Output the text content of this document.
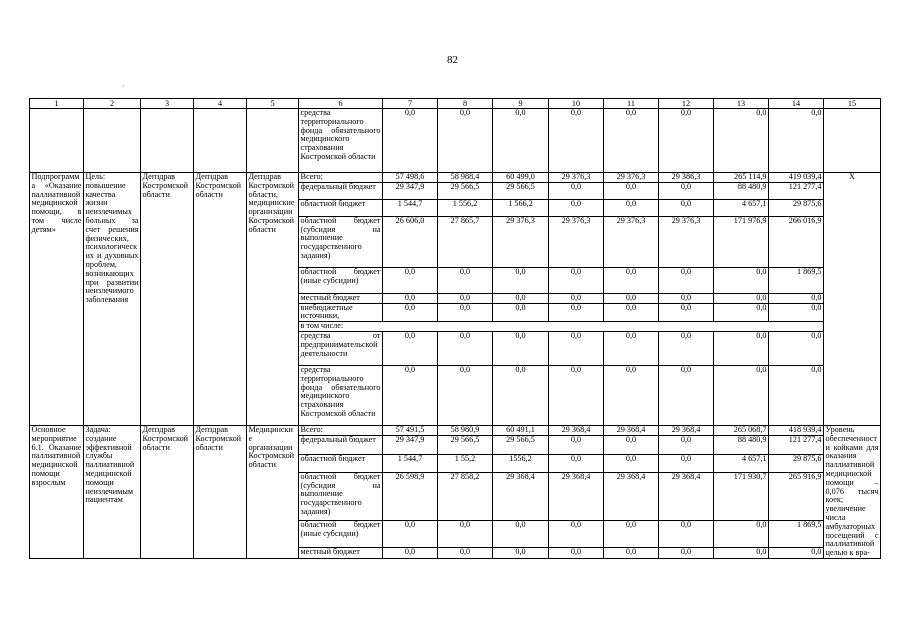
82
·
1	2	3	4	5	6	7	8	9	10	11	12	13	14	15
					средства территориального фонда обязательного медицинского страхования Костромской области	0,0	0,0	0,0	0,0	0,0	0,0	0,0	0,0	
Подпрограмма «Оказание паллиативной медицинской помощи, в том числе детям»	Цель: повышение качества жизни неизлечимых больных за счет решения физических, психологических и духовных проблем, возникающих при развитии неизлечимого заболевания	Депздрав Костромской области	Депздрав Костромской области	Депздрав Костромской области, медицинские организации Костромской области	Всего:	57 498,6	58 988,4	60 499,0	29 376,3	29 376,3	29 386,3	265 114,9	419 039,4	Х
					федеральный бюджет	29 347,9	29 566,5	29 566,5	0,0	0,0	0,0	88 480,9	121 277,4	
					областной бюджет	1 544,7	1 556,2	1 566,2	0,0	0,0	0,0	4 657,1	29 875,6	
					областной бюджет (субсидия на выполнение государственного задания)	26 606,0	27 865,7	29 376,3	29 376,3	29 376,3	29 376,3	171 976,9	266 016,9	
					областной бюджет (иные субсидии)	0,0	0,0	0,0	0,0	0,0	0,0	0,0	1 869,5	
					местный бюджет	0,0	0,0	0,0	0,0	0,0	0,0	0,0	0,0	
					внебюджетные источники,	0,0	0,0	0,0	0,0	0,0	0,0	0,0	0,0	
					в том числе:									
					средства от предпринимательской деятельности	0,0	0,0	0,0	0,0	0,0	0,0	0,0	0,0	
					средства территориального фонда обязательного медицинского страхования Костромской области	0,0	0,0	0,0	0,0	0,0	0,0	0,0	0,0	
Основное мероприятие 6.1. Оказание паллиативной медицинской помощи взрослым	Задача: создание эффективной службы паллиативной медицинской помощи неизлечимым пациентам	Депздрав Костромской области	Депздрав Костромской области	Медицинские организации Костромской области	Всего:	57 491,5	58 980,9	60 491,1	29 368,4	29 368,4	29 368,4	265 068,7	418 939,4	Уровень обеспеченности койками для оказания паллиативной медицинской помощи – 0,076 тысяч коек; увеличение числа амбулаторных посещений с паллиативной целью к вра-
					федеральный бюджет	29 347,9	29 566,5	29 566,5	0,0	0,0	0,0	88 480,9	121 277,4	
					областной бюджет	1 544,7	1 55,2	1556,2	0,0	0,0	0,0	4 657,1	29 875,6	
					областной бюджет (субсидия на выполнение государственного задания)	26 598,9	27 858,2	29 368,4	29 368,4	29 368,4	29 368,4	171 930,7	265 916,9	
					областной бюджет (иные субсидии)	0,0	0,0	0,0	0,0	0,0	0,0	0,0	1 869,5	
					местный бюджет	0,0	0,0	0,0	0,0	0,0	0,0	0,0	0,0	
